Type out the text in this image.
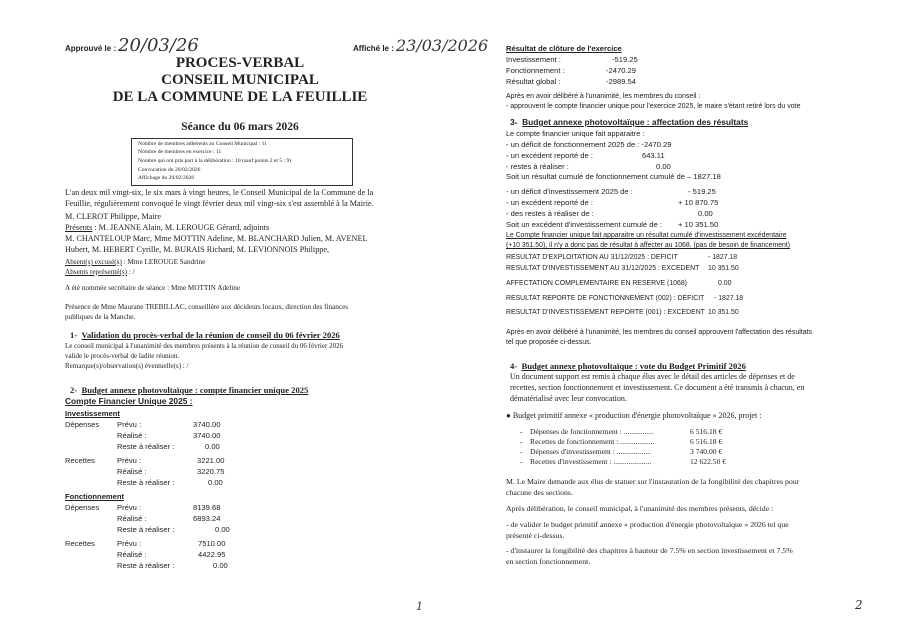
Approuvé le : 20/03/26	Affiché le : 23/03/2026
PROCES-VERBAL
CONSEIL MUNICIPAL
DE LA COMMUNE DE LA FEUILLIE
Séance du 06 mars 2026
Nombre de membres adhérents au Conseil Municipal : 11
Nombre de membres en exercice : 11
Nombre qui ont pris part à la délibération : 10 (sauf points 2 et 5 : 9)
Convocation du 20/02/2026
Affichage du 20/02/2026
L'an deux mil vingt-six, le six mars à vingt heures, le Conseil Municipal de la Commune de la
Feuillie, régulièrement convoqué le vingt février deux mil vingt-six s'est assemblé à la Mairie.
M. CLEROT Philippe, Maire
Présents : M. JEANNE Alain, M. LEROUGE Gérard, adjoints
M. CHANTELOUP Marc, Mme MOTTIN Adeline, M. BLANCHARD Julien, M. AVENEL
Hubert, M. HEBERT Cyrille, M. BURAIS Richard, M. LEVIONNOIS Philippe,
Absent(s) excusé(s) : Mme LEROUGE Sandrine
Absents représenté(s) : /
A été nommée secrétaire de séance : Mme MOTTIN Adeline
Présence de Mme Maurane TREBILLAC, conseillère aux décideurs locaux, direction des finances
publiques de la Manche.
1- Validation du procès-verbal de la réunion de conseil du 06 février 2026
Le conseil municipal à l'unanimité des membres présents à la réunion de conseil du 06 février 2026
valide le procès-verbal de ladite réunion.
Remarque(s)/observation(s) éventuelle(s) : /
2- Budget annexe photovoltaïque : compte financier unique 2025
Compte Financier Unique 2025 :
Investissement
Dépenses Prévu :	3740.00
Réalisé :	3740.00
Reste à réaliser :	0.00
Recettes	Prévu :	3221.00
Réalisé :	3220.75
Reste à réaliser :	0.00
Fonctionnement
Dépenses Prévu :	8139.68
Réalisé :	6893.24
Reste à réaliser :	0.00
Recettes	Prévu :	7510.00
Réalisé :	4422.95
Reste à réaliser :	0.00
1
Résultat de clôture de l'exercice
Investissement :	-519.25
Fonctionnement :	-2470.29
Résultat global :	-2989.54
Après en avoir délibéré à l'unanimité, les membres du conseil :
- approuvent le compte financier unique pour l'exercice 2025, le maire s'étant retiré lors du vote
3- Budget annexe photovoltaïque : affectation des résultats
Le compte financier unique fait apparaitre :
- un déficit de fonctionnement 2025 de : -2470.29
- un excédent reporté de :	643.11
- restes à réaliser :	0.00
Soit un résultat cumulé de fonctionnement cumulé de – 1827.18
- un déficit d'investissement 2025 de :	- 519.25
- un excédent reporté de :	+ 10 870.75
- des restes à réaliser de :	0.00
Soit un excédent d'investissement cumulé de : + 10 351.50
Le Compte financier unique fait apparaitre un résultat cumulé d'investissement excédentaire
(+10 351.50), il n'y a donc pas de résultat à affecter au 1068. (pas de besoin de financement)
RESULTAT D'EXPLOITATION AU 31/12/2025 : DEFICIT	- 1827.18
RESULTAT D'INVESTISSEMENT AU 31/12/2025 : EXCEDENT 10 351.50
AFFECTATION COMPLEMENTAIRE EN RESERVE (1068)	0.00
RESULTAT REPORTE DE FONCTIONNEMENT (002) : DEFICIT - 1827.18
RESULTAT D'INVESTISSEMENT REPORTE (001) : EXCEDENT 10 351.50
Après en avoir délibéré à l'unanimité, les membres du conseil approuvent l'affectation des résultats
tel que proposée ci-dessus.
4- Budget annexe photovoltaïque : vote du Budget Primitif 2026
Un document support est remis à chaque élus avec le détail des articles de dépenses et de
recettes, section fonctionnement et investissement. Ce document a été transmis à chacun, en
dématérialisé avec leur convocation.
● Budget primitif annexe « production d'énergie photovoltaïque » 2026, projet :
- Dépenses de fonctionnement : ................	6 516.18 €
- Recettes de fonctionnement : ..................	6 516.18 €
- Dépenses d'investissement : ..................	3 740.00 €
- Recettes d'investissement : ....................	12 622.50 €
M. Le Maire demande aux élus de statuer sur l'instauration de la fongibilité des chapitres pour
chacune des sections.
Après délibération, le conseil municipal, à l'unanimité des membres présents, décide :
- de valider le budget primitif annexe « production d'énergie photovoltaïque » 2026 tel que
présenté ci-dessus.
- d'instaurer la fongibilité des chapitres à hauteur de 7.5% en section investissement et 7.5%
en section fonctionnement.
2
